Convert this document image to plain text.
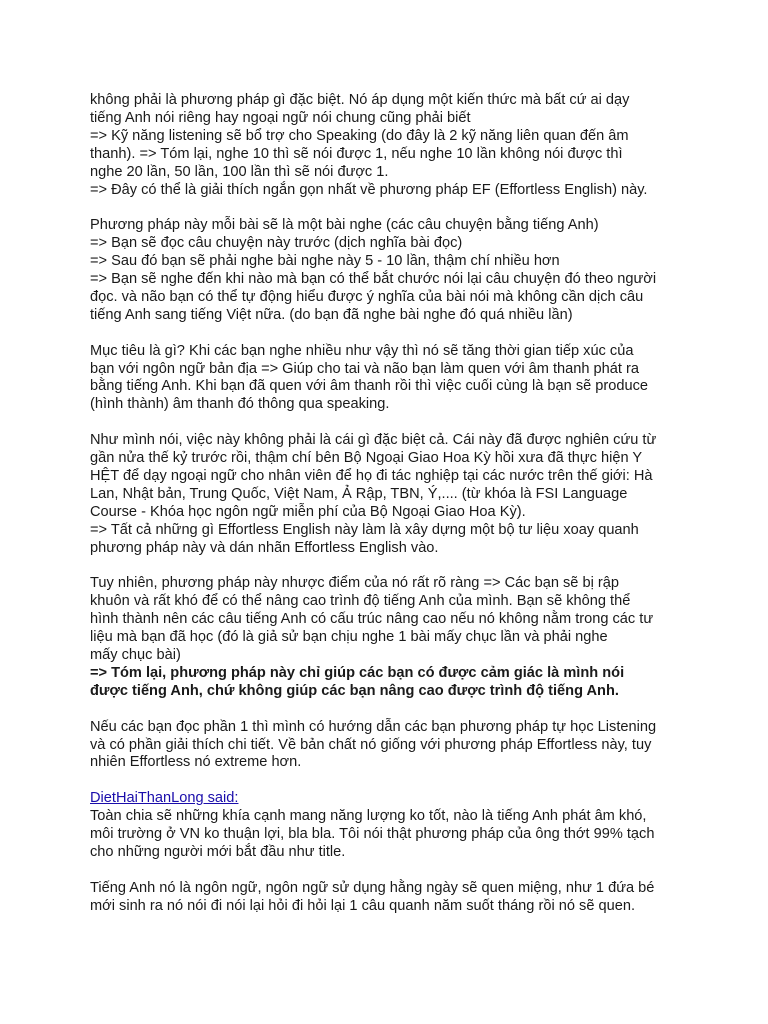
không phải là phương pháp gì đặc biệt. Nó áp dụng một kiến thức mà bất cứ ai dạy
tiếng Anh nói riêng hay ngoại ngữ nói chung cũng phải biết
=> Kỹ năng listening sẽ bổ trợ cho Speaking (do đây là 2 kỹ năng liên quan đến âm
thanh). => Tóm lại, nghe 10 thì sẽ nói được 1, nếu nghe 10 lần không nói được thì
nghe 20 lần, 50 lần, 100 lần thì sẽ nói được 1.
=> Đây có thể là giải thích ngắn gọn nhất về phương pháp EF (Effortless English) này.
Phương pháp này mỗi bài sẽ là một bài nghe (các câu chuyện bằng tiếng Anh)
=> Bạn sẽ đọc câu chuyện này trước (dịch nghĩa bài đọc)
=> Sau đó bạn sẽ phải nghe bài nghe này 5 - 10 lần, thậm chí nhiều hơn
=> Bạn sẽ nghe đến khi nào mà bạn có thể bắt chước nói lại câu chuyện đó theo người
đọc. và não bạn có thể tự động hiểu được ý nghĩa của bài nói mà không cần dịch câu
tiếng Anh sang tiếng Việt nữa. (do bạn đã nghe bài nghe đó quá nhiều lần)
Mục tiêu là gì? Khi các bạn nghe nhiều như vậy thì nó sẽ tăng thời gian tiếp xúc của
bạn với ngôn ngữ bản địa => Giúp cho tai và não bạn làm quen với âm thanh phát ra
bằng tiếng Anh. Khi bạn đã quen với âm thanh rồi thì việc cuối cùng là bạn sẽ produce
(hình thành) âm thanh đó thông qua speaking.
Như mình nói, việc này không phải là cái gì đặc biệt cả. Cái này đã được nghiên cứu từ
gần nửa thế kỷ trước rồi, thậm chí bên Bộ Ngoại Giao Hoa Kỳ hồi xưa đã thực hiện Y
HỆT để dạy ngoại ngữ cho nhân viên để họ đi tác nghiệp tại các nước trên thế giới: Hà
Lan, Nhật bản, Trung Quốc, Việt Nam, Ả Rập, TBN, Ý,.... (từ khóa là FSI Language
Course - Khóa học ngôn ngữ miễn phí của Bộ Ngoại Giao Hoa Kỳ).
=> Tất cả những gì Effortless English này làm là xây dựng một bộ tư liệu xoay quanh
phương pháp này và dán nhãn Effortless English vào.
Tuy nhiên, phương pháp này nhược điểm của nó rất rõ ràng => Các bạn sẽ bị rập
khuôn và rất khó để có thể nâng cao trình độ tiếng Anh của mình. Bạn sẽ không thể
hình thành nên các câu tiếng Anh có cấu trúc nâng cao nếu nó không nằm trong các tư
liệu mà bạn đã học (đó là giả sử bạn chịu nghe 1 bài mấy chục lần và phải nghe
mấy chục bài)
=> Tóm lại, phương pháp này chỉ giúp các bạn có được cảm giác là mình nói
được tiếng Anh, chứ không giúp các bạn nâng cao được trình độ tiếng Anh.
Nếu các bạn đọc phần 1 thì mình có hướng dẫn các bạn phương pháp tự học Listening
và có phần giải thích chi tiết. Về bản chất nó giống với phương pháp Effortless này, tuy
nhiên Effortless nó extreme hơn.
DietHaiThanLong said:
Toàn chia sẽ những khía cạnh mang năng lượng ko tốt, nào là tiếng Anh phát âm khó,
môi trường ở VN ko thuận lợi, bla bla. Tôi nói thật phương pháp của ông thớt 99% tạch
cho những người mới bắt đầu như title.
Tiếng Anh nó là ngôn ngữ, ngôn ngữ sử dụng hằng ngày sẽ quen miệng, như 1 đứa bé
mới sinh ra nó nói đi nói lại hỏi đi hỏi lại 1 câu quanh năm suốt tháng rồi nó sẽ quen.
